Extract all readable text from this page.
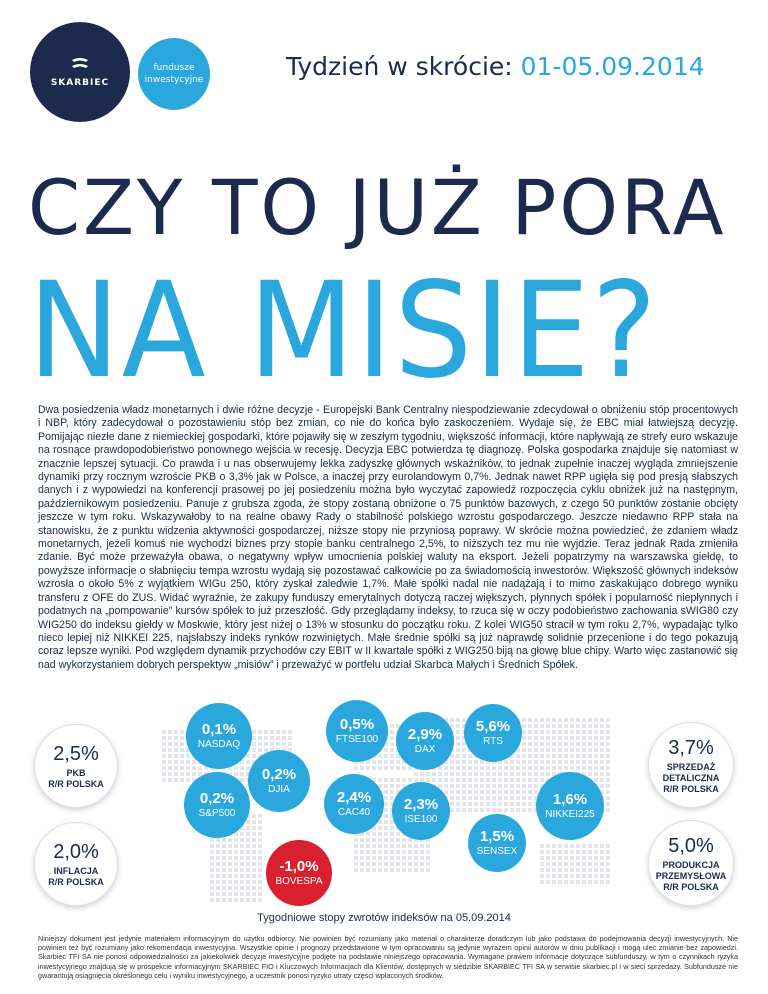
SKARBIEC
fundusze inwestycyjne	Tydzień w skrócie: 01-05.09.2014
CZY TO JUŻ PORA
NA MISIE?
Dwa posiedzenia władz monetarnych i dwie różne decyzje - Europejski Bank Centralny niespodziewanie zdecydował o obniżeniu stóp procentowych i NBP, który zadecydował o pozostawieniu stóp bez zmian, co nie do końca było zaskoczeniem. Wydaje się, że EBC miał łatwiejszą decyzję. Pomijając niezłe dane z niemieckiej gospodarki, które pojawiły się w zeszłym tygodniu, większość informacji, które napływają ze strefy euro wskazuje na rosnące prawdopodobieństwo ponownego wejścia w recesję. Decyzja EBC potwierdza tę diagnozę. Polska gospodarka znajduje się natomiast w znacznie lepszej sytuacji. Co prawda i u nas obserwujemy lekka zadyszkę głównych wskaźników, to jednak zupełnie inaczej wygląda zmniejszenie dynamiki przy rocznym wzroście PKB o 3,3% jak w Polsce, a inaczej przy eurolandowym 0,7%. Jednak nawet RPP ugięła się pod presją słabszych danych i z wypowiedzi na konferencji prasowej po jej posiedzeniu można było wyczytać zapowiedź rozpoczęcia cyklu obniżek już na następnym, październikowym posiedzeniu. Panuje z grubsza zgoda, że stopy zostaną obniżone o 75 punktów bazowych, z czego 50 punktów zostanie obcięty jeszcze w tym roku. Wskazywałoby to na realne obawy Rady o stabilność polskiego wzrostu gospodarczego. Jeszcze niedawno RPP stała na stanowisku, że z punktu widzenia aktywności gospodarczej, niższe stopy nie przyniosą poprawy. W skrócie można powiedzieć, że zdaniem władz monetarnych, jeżeli komuś nie wychodzi biznes przy stopie banku centralnego 2,5%, to niższych tez mu nie wyjdzie. Teraz jednak Rada zmieniła zdanie. Być może przeważyła obawa, o negatywny wpływ umocnienia polskiej waluty na eksport. Jeżeli popatrzymy na warszawska giełdę, to powyższe informacje o słabnięciu tempa wzrostu wydają się pozostawać całkowicie po za świadomością inwestorów. Większość głównych indeksów wzrosła o około 5% z wyjątkiem WIGu 250, który zyskał zaledwie 1,7%. Małe spółki nadal nie nadążają i to mimo zaskakująco dobrego wyniku transferu z OFE do ZUS. Widać wyraźnie, że zakupy funduszy emerytalnych dotyczą raczej większych, płynnych spółek i popularność niepłynnych i podatnych na „pompowanie” kursów spółek to już przeszłość. Gdy przeglądamy indeksy, to rzuca się w oczy podobieństwo zachowania sWIG80 czy WIG250 do indeksu giełdy w Moskwie, który jest niżej o 13% w stosunku do początku roku. Z kolei WIG50 stracił w tym roku 2,7%, wypadając tylko nieco lepiej niż NIKKEI 225, najsłabszy indeks rynków rozwiniętych. Małe średnie spółki są już naprawdę solidnie przecenione i do tego pokazują coraz lepsze wyniki. Pod względem dynamik przychodów czy EBIT w II kwartale spółki z WIG250 biją na głowę blue chipy. Warto więc zastanowić się nad wykorzystaniem dobrych perspektyw „misiów” i przeważyć w portfelu udział Skarbca Małych i Średnich Spółek.
0,1%
NASDAQ
0,5%
FTSE100 2,9%
DAX
5,6%
RTS
0,2%
DJIA
0,2%
S&P500
2,4%
CAC40 2,3%
ISE100
1,6%
NIKKEI225
1,5%
SENSEX
-1,0%
BOVESPA
2,5%
PKB
R/R POLSKA
2,0%
INFLACJA
R/R POLSKA
3,7%
SPRZEDAŻ
DETALICZNA
R/R POLSKA
5,0%
PRODUKCJA
PRZEMYSŁOWA
R/R POLSKA
Tygodniowe stopy zwrotów indeksów na 05.09.2014
Niniejszy dokument jest jedynie materiałem informacyjnym do użytku odbiorcy. Nie powinien być rozumiany jako materiał o charakterze doradczym lub jako podstawa do podejmowania decyzji inwestycyjnych. Nie powinien też być rozumiany jako rekomendacja inwestycyjna. Wszystkie opinie i prognozy przedstawione w tym opracowaniu są jedynie wyrazem opinii autorów w dniu publikacji i mogą ulec zmianie bez zapowiedzi. Skarbiec TFI SA nie ponosi odpowiedzialności za jakiekolwiek decyzje inwestycyjne podjęte na podstawie niniejszego opracowania. Wymagane prawem informacje dotyczące subfunduszy, w tym o czynnikach ryzyka inwestycyjnego znajdują się w prospekcie informacyjnym SKARBIEC FIO i Kluczowych Informacjach dla Klientów, dostępnych w siedzibie SKARBIEC TFI SA w serwisie skarbiec.pl i w sieci sprzedaży. Subfundusze nie gwarantują osiągnięcia określonego celu i wyniku inwestycyjnego, a uczestnik ponosi ryzyko utraty części wpłaconych środków.
